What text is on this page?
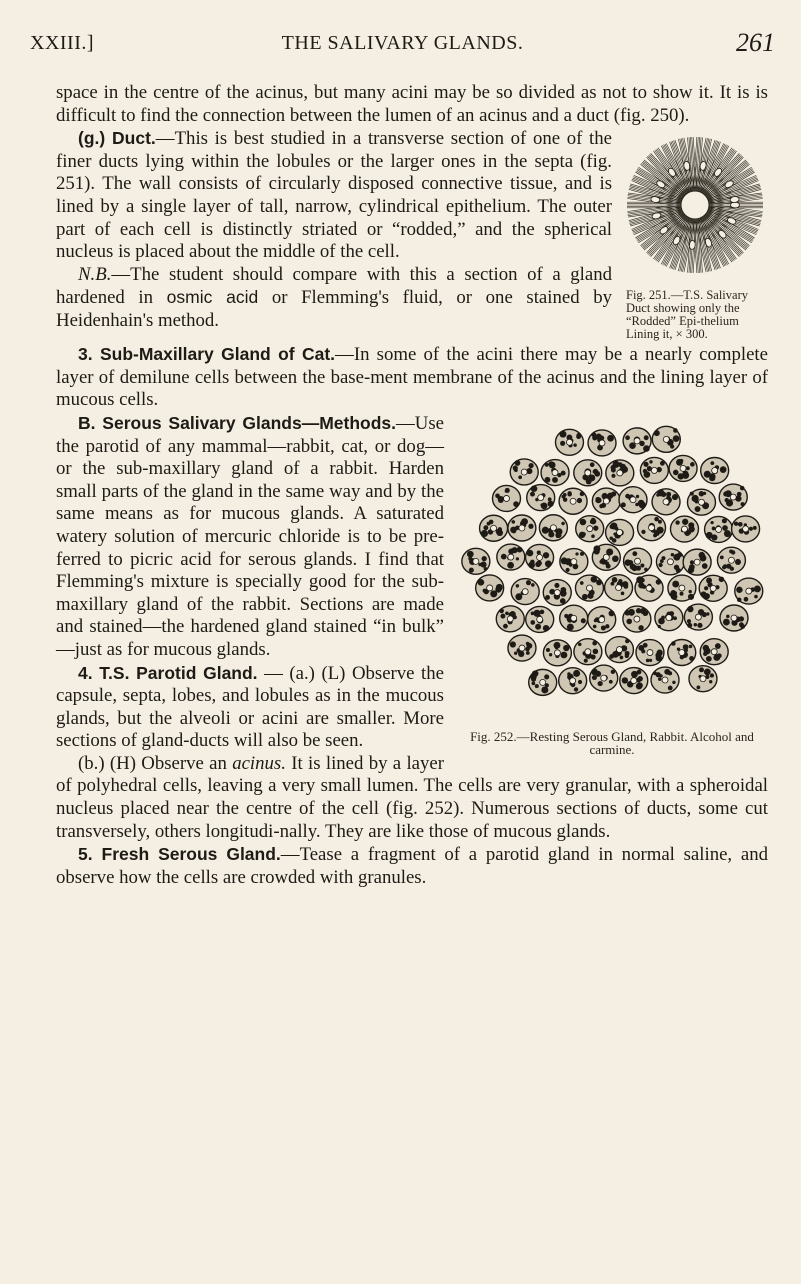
XXIII.]	THE SALIVARY GLANDS.	261

space in the centre of the acinus, but many acini may be so divided as not to show it. It is is difficult to find the connection between the lumen of an acinus and a duct (fig. 250).

Fig. 251.—T.S. Salivary Duct showing only the “Rodded” Epi-thelium Lining it, × 300.

(g.) Duct.—This is best studied in a transverse section of one of the finer ducts lying within the lobules or the larger ones in the septa (fig. 251). The wall consists of circularly disposed connective tissue, and is lined by a single layer of tall, narrow, cylindrical epithelium. The outer part of each cell is distinctly striated or “rodded,” and the spherical nucleus is placed about the middle of the cell.

N.B.—The student should compare with this a section of a gland hardened in osmic acid or Flemming's fluid, or one stained by Heidenhain's method.

3. Sub-Maxillary Gland of Cat.—In some of the acini there may be a nearly complete layer of demilune cells between the base-ment membrane of the acinus and the lining layer of mucous cells.

Fig. 252.—Resting Serous Gland, Rabbit. Alcohol and carmine.

B. Serous Salivary Glands—Methods.—Use the parotid of any mammal—rabbit, cat, or dog—or the sub-maxillary gland of a rabbit. Harden small parts of the gland in the same way and by the same means as for mucous glands. A saturated watery solution of mercuric chloride is to be pre-ferred to picric acid for serous glands. I find that Flemming's mixture is specially good for the sub-maxillary gland of the rabbit. Sections are made and stained—the hardened gland stained “in bulk” —just as for mucous glands.

4. T.S. Parotid Gland. — (a.) (L) Observe the capsule, septa, lobes, and lobules as in the mucous glands, but the alveoli or acini are smaller. More sections of gland-ducts will also be seen.

(b.) (H) Observe an acinus. It is lined by a layer of polyhedral cells, leaving a very small lumen. The cells are very granular, with a spheroidal nucleus placed near the centre of the cell (fig. 252). Numerous sections of ducts, some cut transversely, others longitudi-nally. They are like those of mucous glands.

5. Fresh Serous Gland.—Tease a fragment of a parotid gland in normal saline, and observe how the cells are crowded with granules.
